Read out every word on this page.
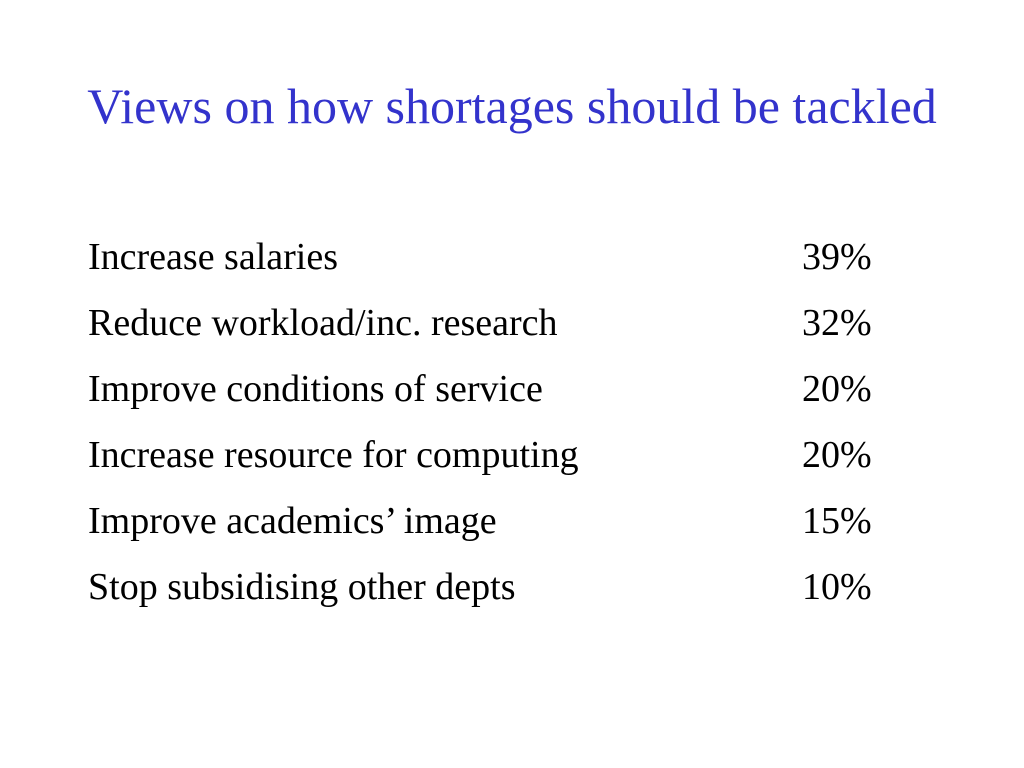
Views on how shortages should be tackled
Increase salaries	39%
Reduce workload/inc. research	32%
Improve conditions of service	20%
Increase resource for computing	20%
Improve academics’ image	15%
Stop subsidising other depts	10%
